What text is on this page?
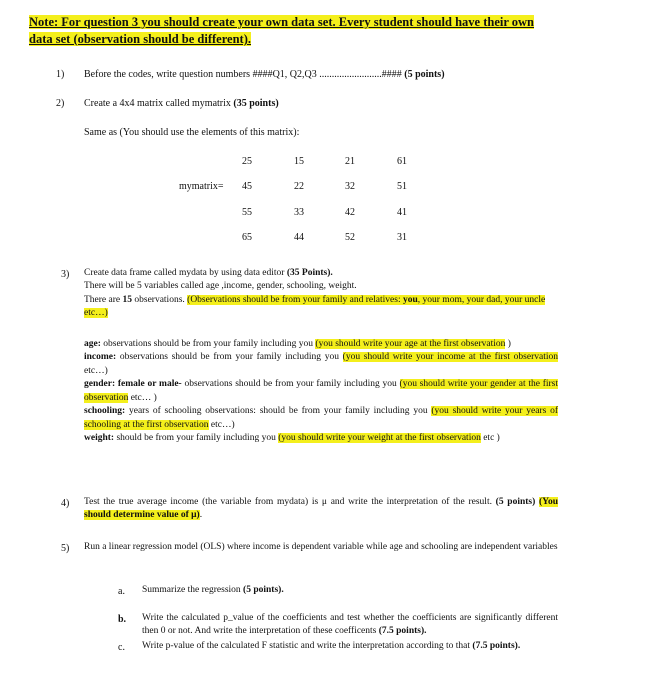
Note: For question 3 you should create your own data set. Every student should have their own data set (observation should be different).
1) Before the codes, write question numbers ####Q1, Q2,Q3 .........................#### (5 points)
2) Create a 4x4 matrix called mymatrix (35 points)
Same as (You should use the elements of this matrix):
mymatrix=
25	15	21	61
45	22	32	51
55	33	42	41
65	44	52	31
3) Create data frame called mydata by using data editor (35 Points).
There will be 5 variables called age ,income, gender, schooling, weight.
There are 15 observations. (Observations should be from your family and relatives: you, your mom, your dad, your uncle etc…)
age: observations should be from your family including you (you should write your age at the first observation )
income: observations should be from your family including you (you should write your income at the first observation etc…)
gender: female or male- observations should be from your family including you (you should write your gender at the first observation etc… )
schooling: years of schooling observations: should be from your family including you (you should write your years of schooling at the first observation etc…)
weight: should be from your family including you (you should write your weight at the first observation etc )
4) Test the true average income (the variable from mydata) is μ and write the interpretation of the result. (5 points) (You should determine value of μ).
5) Run a linear regression model (OLS) where income is dependent variable while age and schooling are independent variables
a. Summarize the regression (5 points).
b. Write the calculated p_value of the coefficients and test whether the coefficients are significantly different then 0 or not. And write the interpretation of these coefficents (7.5 points).
c. Write p-value of the calculated F statistic and write the interpretation according to that (7.5 points).
